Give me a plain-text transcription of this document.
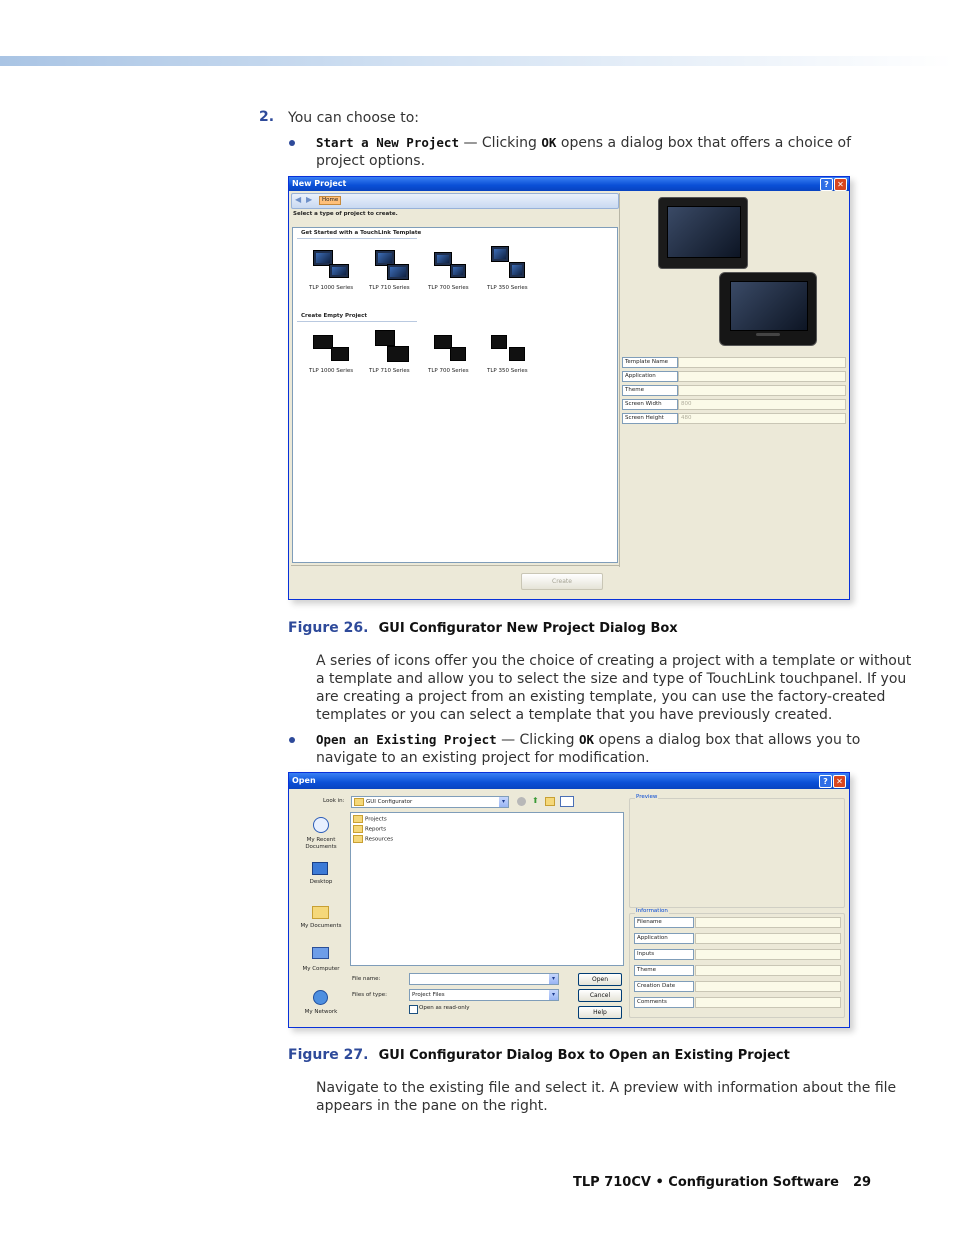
2. You can choose to:
Start a New Project — Clicking OK opens a dialog box that offers a choice of
project options.
New Project	?	✕
◀ ▶	Home
Select a type of project to create.
Get Started with a TouchLink Template
TLP 1000 Series	TLP 710 Series	TLP 700 Series	TLP 350 Series
Create Empty Project
TLP 1000 Series	TLP 710 Series	TLP 700 Series	TLP 350 Series
Template Name
Application
Theme
Screen Width	800
Screen Height	480
Create
Figure 26. GUI Configurator New Project Dialog Box
A series of icons offer you the choice of creating a project with a template or without
a template and allow you to select the size and type of TouchLink touchpanel. If you
are creating a project from an existing template, you can use the factory-created
templates or you can select a template that you have previously created.
Open an Existing Project — Clicking OK opens a dialog box that allows you to
navigate to an existing project for modification.
Open	?	✕
Look in:	GUI Configurator	▾	⬆
My Recent Documents
Desktop
My Documents
My Computer
My Network
Projects
Reports
Resources
File name:	▾
Files of type:	Project Files	▾
Open as read-only
Open
Cancel
Help
Preview
Information
Filename
Application
Inputs
Theme
Creation Date
Comments
Figure 27. GUI Configurator Dialog Box to Open an Existing Project
Navigate to the existing file and select it. A preview with information about the file
appears in the pane on the right.
TLP 710CV • Configuration Software 29
